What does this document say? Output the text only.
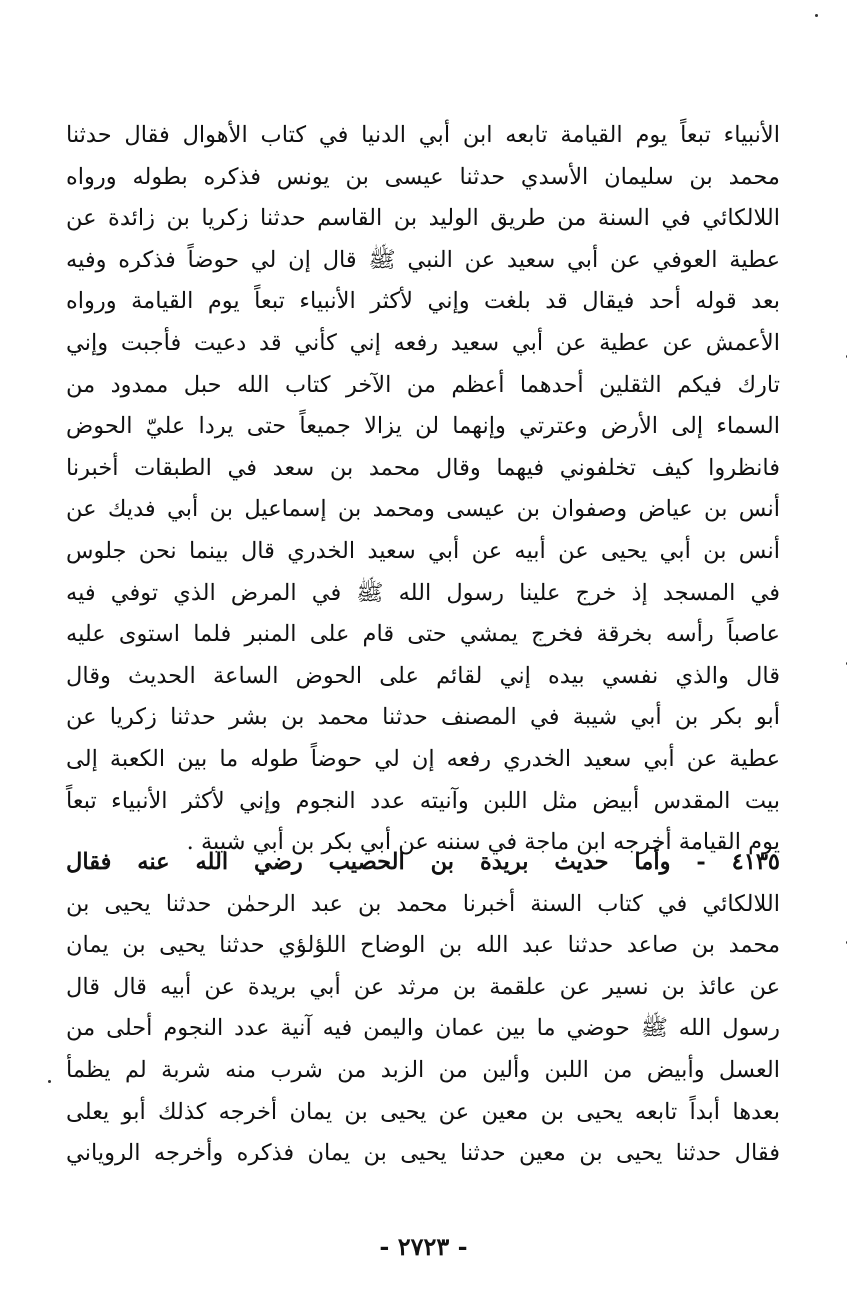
الأنبياء تبعاً يوم القيامة تابعه ابن أبي الدنيا في كتاب الأهوال فقال حدثنا
محمد بن سليمان الأسدي حدثنا عيسى بن يونس فذكره بطوله ورواه
اللالكائي في السنة من طريق الوليد بن القاسم حدثنا زكريا بن زائدة عن
عطية العوفي عن أبي سعيد عن النبي ﷺ قال إن لي حوضاً فذكره وفيه
بعد قوله أحد فيقال قد بلغت وإني لأكثر الأنبياء تبعاً يوم القيامة ورواه
الأعمش عن عطية عن أبي سعيد رفعه إني كأني قد دعيت فأجبت وإني
تارك فيكم الثقلين أحدهما أعظم من الآخر كتاب الله حبل ممدود من
السماء إلى الأرض وعترتي وإنهما لن يزالا جميعاً حتى يردا عليّ الحوض
فانظروا كيف تخلفوني فيهما وقال محمد بن سعد في الطبقات أخبرنا
أنس بن عياض وصفوان بن عيسى ومحمد بن إسماعيل بن أبي فديك عن
أنس بن أبي يحيى عن أبيه عن أبي سعيد الخدري قال بينما نحن جلوس
في المسجد إذ خرج علينا رسول الله ﷺ في المرض الذي توفي فيه
عاصباً رأسه بخرقة فخرج يمشي حتى قام على المنبر فلما استوى عليه
قال والذي نفسي بيده إني لقائم على الحوض الساعة الحديث وقال
أبو بكر بن أبي شيبة في المصنف حدثنا محمد بن بشر حدثنا زكريا عن
عطية عن أبي سعيد الخدري رفعه إن لي حوضاً طوله ما بين الكعبة إلى
بيت المقدس أبيض مثل اللبن وآنيته عدد النجوم وإني لأكثر الأنبياء تبعاً
يوم القيامة أخرجه ابن ماجة في سننه عن أبي بكر بن أبي شيبة .
٤١٣٥ - وأما حديث بريدة بن الحصيب رضي الله عنه فقال
اللالكائي في كتاب السنة أخبرنا محمد بن عبد الرحمٰن حدثنا يحيى بن
محمد بن صاعد حدثنا عبد الله بن الوضاح اللؤلؤي حدثنا يحيى بن يمان
عن عائذ بن نسير عن علقمة بن مرثد عن أبي بريدة عن أبيه قال قال
رسول الله ﷺ حوضي ما بين عمان واليمن فيه آنية عدد النجوم أحلى من
العسل وأبيض من اللبن وألين من الزبد من شرب منه شربة لم يظمأ
بعدها أبداً تابعه يحيى بن معين عن يحيى بن يمان أخرجه كذلك أبو يعلى
فقال حدثنا يحيى بن معين حدثنا يحيى بن يمان فذكره وأخرجه الروياني
- ٢٧٢٣ -
